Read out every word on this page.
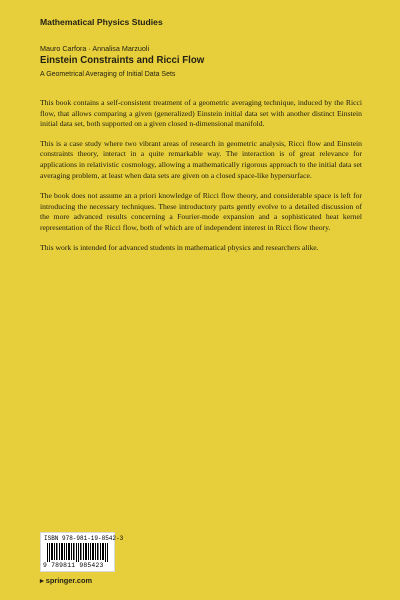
Mathematical Physics Studies
Mauro Carfora · Annalisa Marzuoli
Einstein Constraints and Ricci Flow
A Geometrical Averaging of Initial Data Sets

This book contains a self-consistent treatment of a geometric averaging technique, induced by the Ricci flow, that allows comparing a given (generalized) Einstein initial data set with another distinct Einstein initial data set, both supported on a given closed n-dimensional manifold.

This is a case study where two vibrant areas of research in geometric analysis, Ricci flow and Einstein constraints theory, interact in a quite remarkable way. The interaction is of great relevance for applications in relativistic cosmology, allowing a mathematically rigorous approach to the initial data set averaging problem, at least when data sets are given on a closed space-like hypersurface.

The book does not assume an a priori knowledge of Ricci flow theory, and considerable space is left for introducing the necessary techniques. These introductory parts gently evolve to a detailed discussion of the more advanced results concerning a Fourier-mode expansion and a sophisticated heat kernel representation of the Ricci flow, both of which are of independent interest in Ricci flow theory.

This work is intended for advanced students in mathematical physics and researchers alike.

ISBN 978-981-19-8542-3
9 789811 985423
▸ springer.com
